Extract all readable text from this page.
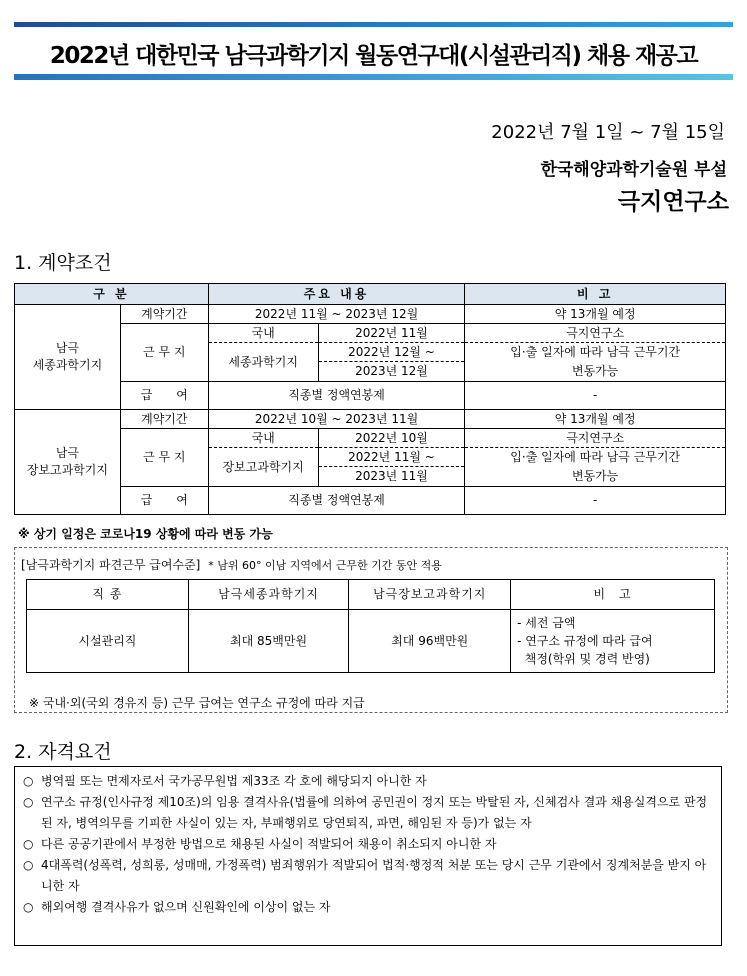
2022년 대한민국 남극과학기지 월동연구대(시설관리직) 채용 재공고
2022년 7월 1일 ~ 7월 15일
한국해양과학기술원 부설
극지연구소
1. 계약조건
구 분		주요 내용		비 고

남극
세종과학기지	계약기간	2022년 11월 ~ 2023년 12월		약 13개월 예정
	근 무 지	국내	2022년 11월	극지연구소
		세종과학기지	2022년 12월 ~	입·출 일자에 따라 남극 근무기간
			2023년 12월	변동가능
	급　　여	직종별 정액연봉제		-

남극
장보고과학기지	계약기간	2022년 10월 ~ 2023년 11월		약 13개월 예정
	근 무 지	국내	2022년 10월	극지연구소
		장보고과학기지	2022년 11월 ~	입·출 일자에 따라 남극 근무기간
			2023년 11월	변동가능
	급　　여	직종별 정액연봉제		-
※ 상기 일정은 코로나19 상황에 따라 변동 가능
[남극과학기지 파견근무 급여수준] * 남위 60° 이남 지역에서 근무한 기간 동안 적용
직 종	남극세종과학기지	남극장보고과학기지	비　고
시설관리직	최대 85백만원	최대 96백만원	- 세전 금액
- 연구소 규정에 따라 급여
책정(학위 및 경력 반영)
※ 국내·외(국외 경유지 등) 근무 급여는 연구소 규정에 따라 지급
2. 자격요건
○ 병역필 또는 면제자로서 국가공무원법 제33조 각 호에 해당되지 아니한 자
○ 연구소 규정(인사규정 제10조)의 임용 결격사유(법률에 의하여 공민권이 정지 또는 박탈된 자, 신체검사 결과 채용실격으로 판정된 자, 병역의무를 기피한 사실이 있는 자, 부패행위로 당연퇴직, 파면, 해임된 자 등)가 없는 자
○ 다른 공공기관에서 부정한 방법으로 채용된 사실이 적발되어 채용이 취소되지 아니한 자
○ 4대폭력(성폭력, 성희롱, 성매매, 가정폭력) 범죄행위가 적발되어 법적·행정적 처분 또는 당시 근무 기관에서 징계처분을 받지 아니한 자
○ 해외여행 결격사유가 없으며 신원확인에 이상이 없는 자
